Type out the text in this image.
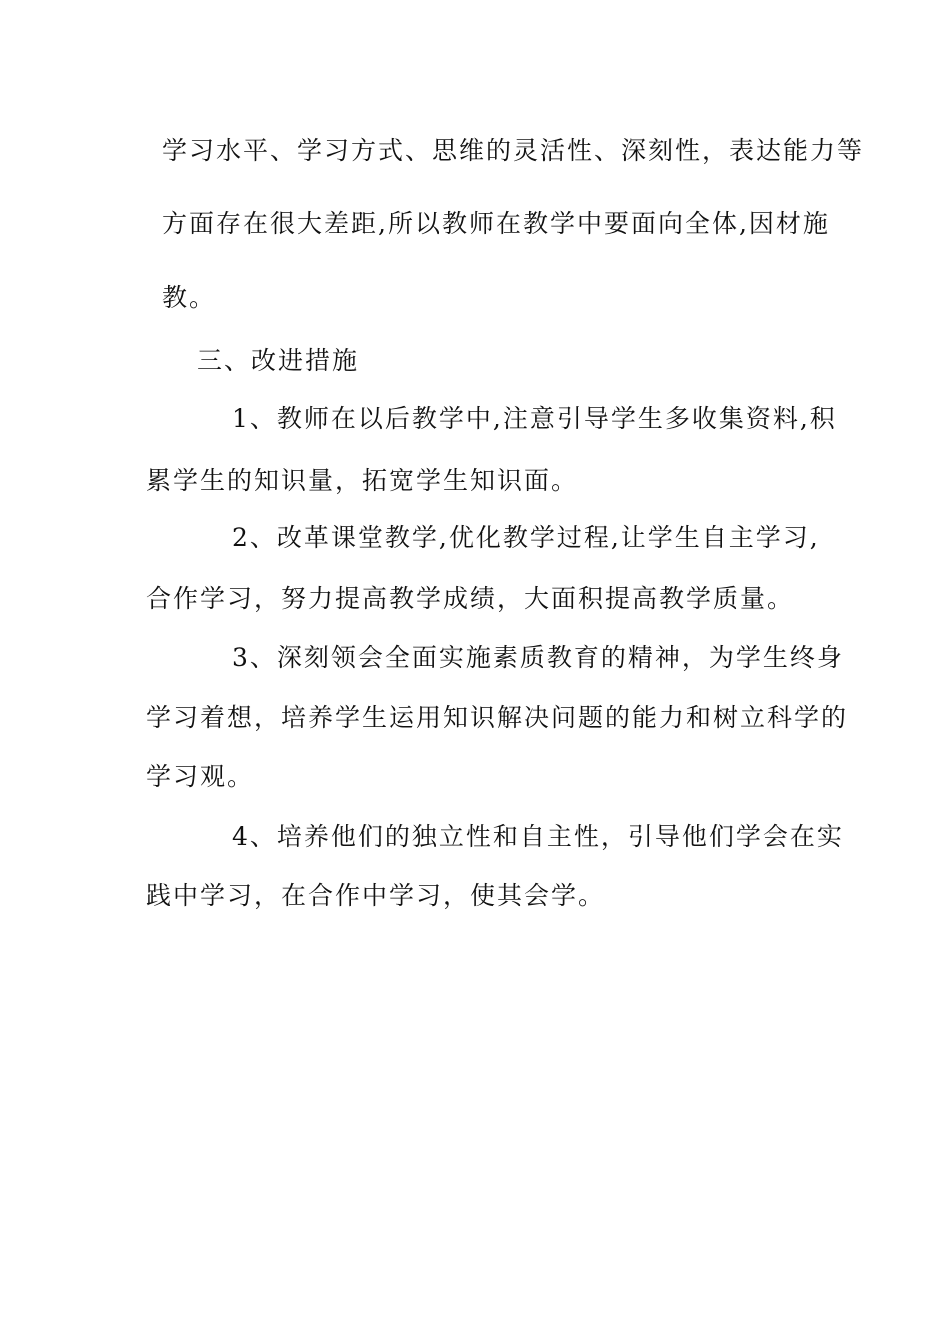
学习水平、学习方式、思维的灵活性、深刻性，表达能力等
方面存在很大差距,所以教师在教学中要面向全体,因材施
教。
三、改进措施
1、教师在以后教学中,注意引导学生多收集资料,积
累学生的知识量，拓宽学生知识面。
2、改革课堂教学,优化教学过程,让学生自主学习,
合作学习，努力提高教学成绩，大面积提高教学质量。
3、深刻领会全面实施素质教育的精神，为学生终身
学习着想，培养学生运用知识解决问题的能力和树立科学的
学习观。
4、培养他们的独立性和自主性，引导他们学会在实
践中学习，在合作中学习，使其会学。
